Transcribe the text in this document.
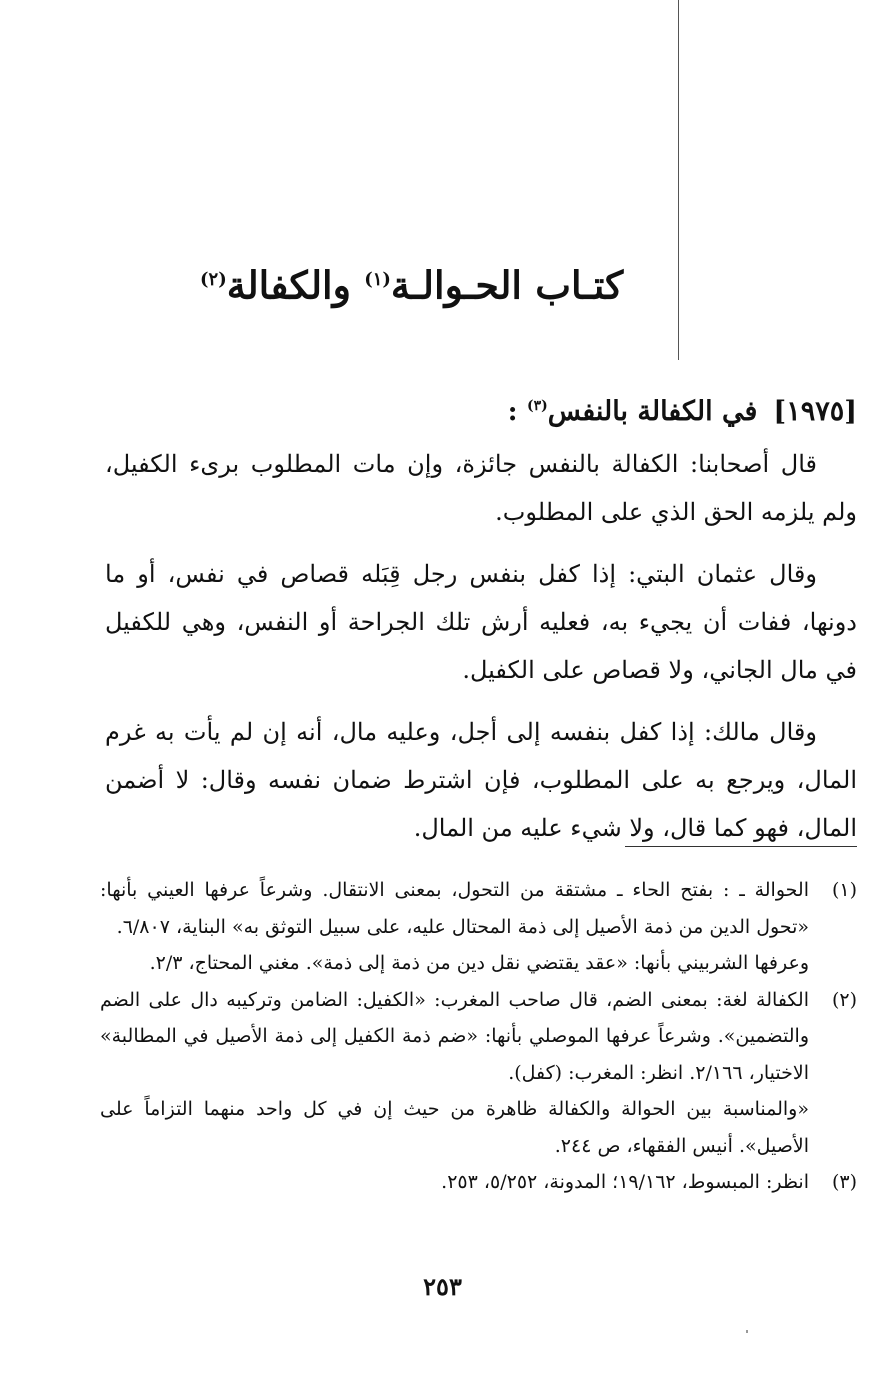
كتـاب الحـوالـة$^{(١)}$ والكفالة$^{(٢)}$
[١٩٧٥]في الكفالة بالنفس$^{(٣)}$ :

قال أصحابنا: الكفالة بالنفس جائزة، وإن مات المطلوب برىء الكفيل، ولم يلزمه الحق الذي على المطلوب.

وقال عثمان البتي: إذا كفل بنفس رجل قِبَله قصاص في نفس، أو ما دونها، ففات أن يجيء به، فعليه أرش تلك الجراحة أو النفس، وهي للكفيل في مال الجاني، ولا قصاص على الكفيل.

وقال مالك: إذا كفل بنفسه إلى أجل، وعليه مال، أنه إن لم يأت به غرم المال، ويرجع به على المطلوب، فإن اشترط ضمان نفسه وقال: لا أضمن المال، فهو كما قال، ولا شيء عليه من المال.

(١)
الحوالة ـ : بفتح الحاء ـ مشتقة من التحول، بمعنى الانتقال. وشرعاً عرفها العيني بأنها: «تحول الدين من ذمة الأصيل إلى ذمة المحتال عليه، على سبيل التوثق به» البناية، ٦/٨٠٧.
وعرفها الشربيني بأنها: «عقد يقتضي نقل دين من ذمة إلى ذمة». مغني المحتاج، ٢/٣.
(٢)
الكفالة لغة: بمعنى الضم، قال صاحب المغرب: «الكفيل: الضامن وتركيبه دال على الضم والتضمين». وشرعاً عرفها الموصلي بأنها: «ضم ذمة الكفيل إلى ذمة الأصيل في المطالبة» الاختيار، ٢/١٦٦. انظر: المغرب: (كفل).
«والمناسبة بين الحوالة والكفالة ظاهرة من حيث إن في كل واحد منهما التزاماً على الأصيل». أنيس الفقهاء، ص ٢٤٤.
(٣)
انظر: المبسوط، ١٩/١٦٢؛ المدونة، ٥/٢٥٢، ٢٥٣.
٢٥٣
